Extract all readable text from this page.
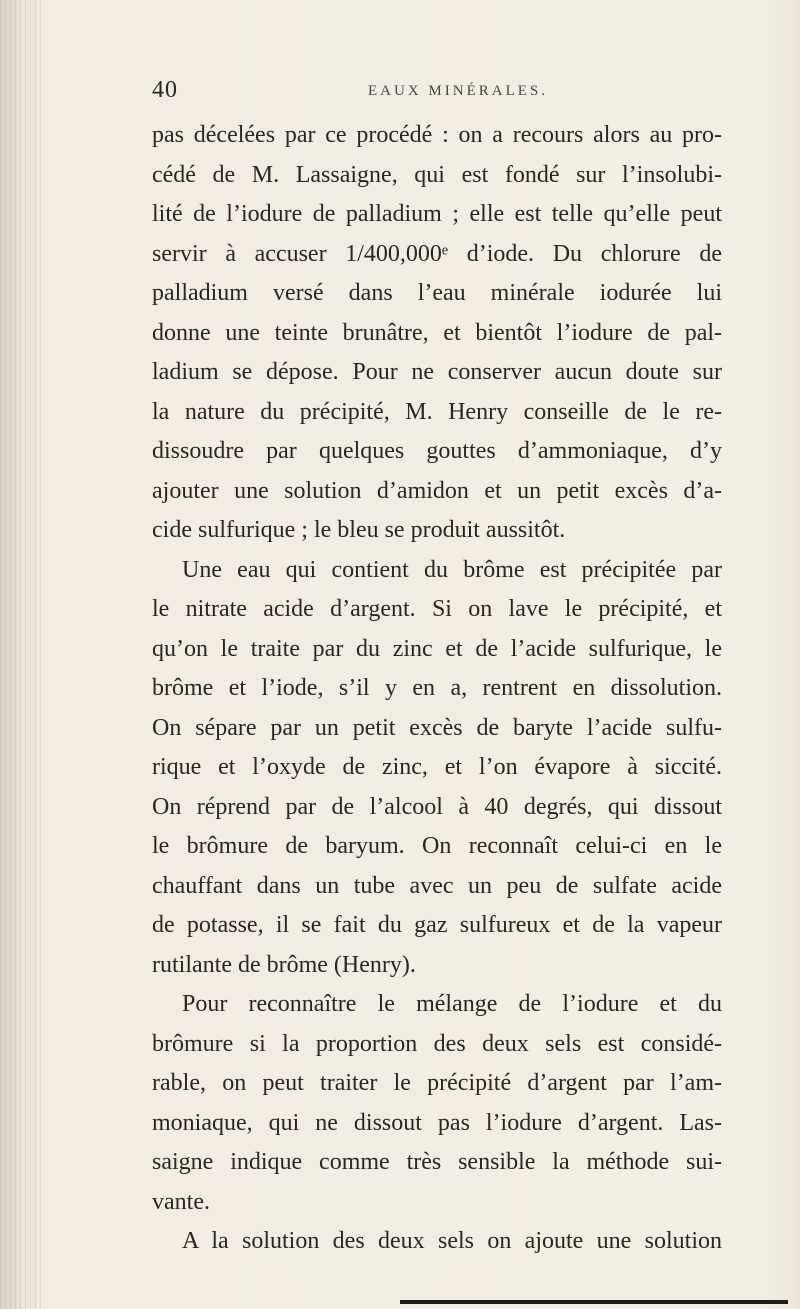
40	EAUX MINÉRALES.
pas décelées par ce procédé : on a recours alors au pro-
cédé de M. Lassaigne, qui est fondé sur l’insolubi-
lité de l’iodure de palladium ; elle est telle qu’elle peut
servir à accuser 1/400,000ᵉ d’iode. Du chlorure de
palladium versé dans l’eau minérale iodurée lui
donne une teinte brunâtre, et bientôt l’iodure de pal-
ladium se dépose. Pour ne conserver aucun doute sur
la nature du précipité, M. Henry conseille de le re-
dissoudre par quelques gouttes d’ammoniaque, d’y
ajouter une solution d’amidon et un petit excès d’a-
cide sulfurique ; le bleu se produit aussitôt.
Une eau qui contient du brôme est précipitée par
le nitrate acide d’argent. Si on lave le précipité, et
qu’on le traite par du zinc et de l’acide sulfurique, le
brôme et l’iode, s’il y en a, rentrent en dissolution.
On sépare par un petit excès de baryte l’acide sulfu-
rique et l’oxyde de zinc, et l’on évapore à siccité.
On réprend par de l’alcool à 40 degrés, qui dissout
le brômure de baryum. On reconnaît celui-ci en le
chauffant dans un tube avec un peu de sulfate acide
de potasse, il se fait du gaz sulfureux et de la vapeur
rutilante de brôme (Henry).
Pour reconnaître le mélange de l’iodure et du
brômure si la proportion des deux sels est considé-
rable, on peut traiter le précipité d’argent par l’am-
moniaque, qui ne dissout pas l’iodure d’argent. Las-
saigne indique comme très sensible la méthode sui-
vante.
A la solution des deux sels on ajoute une solution
